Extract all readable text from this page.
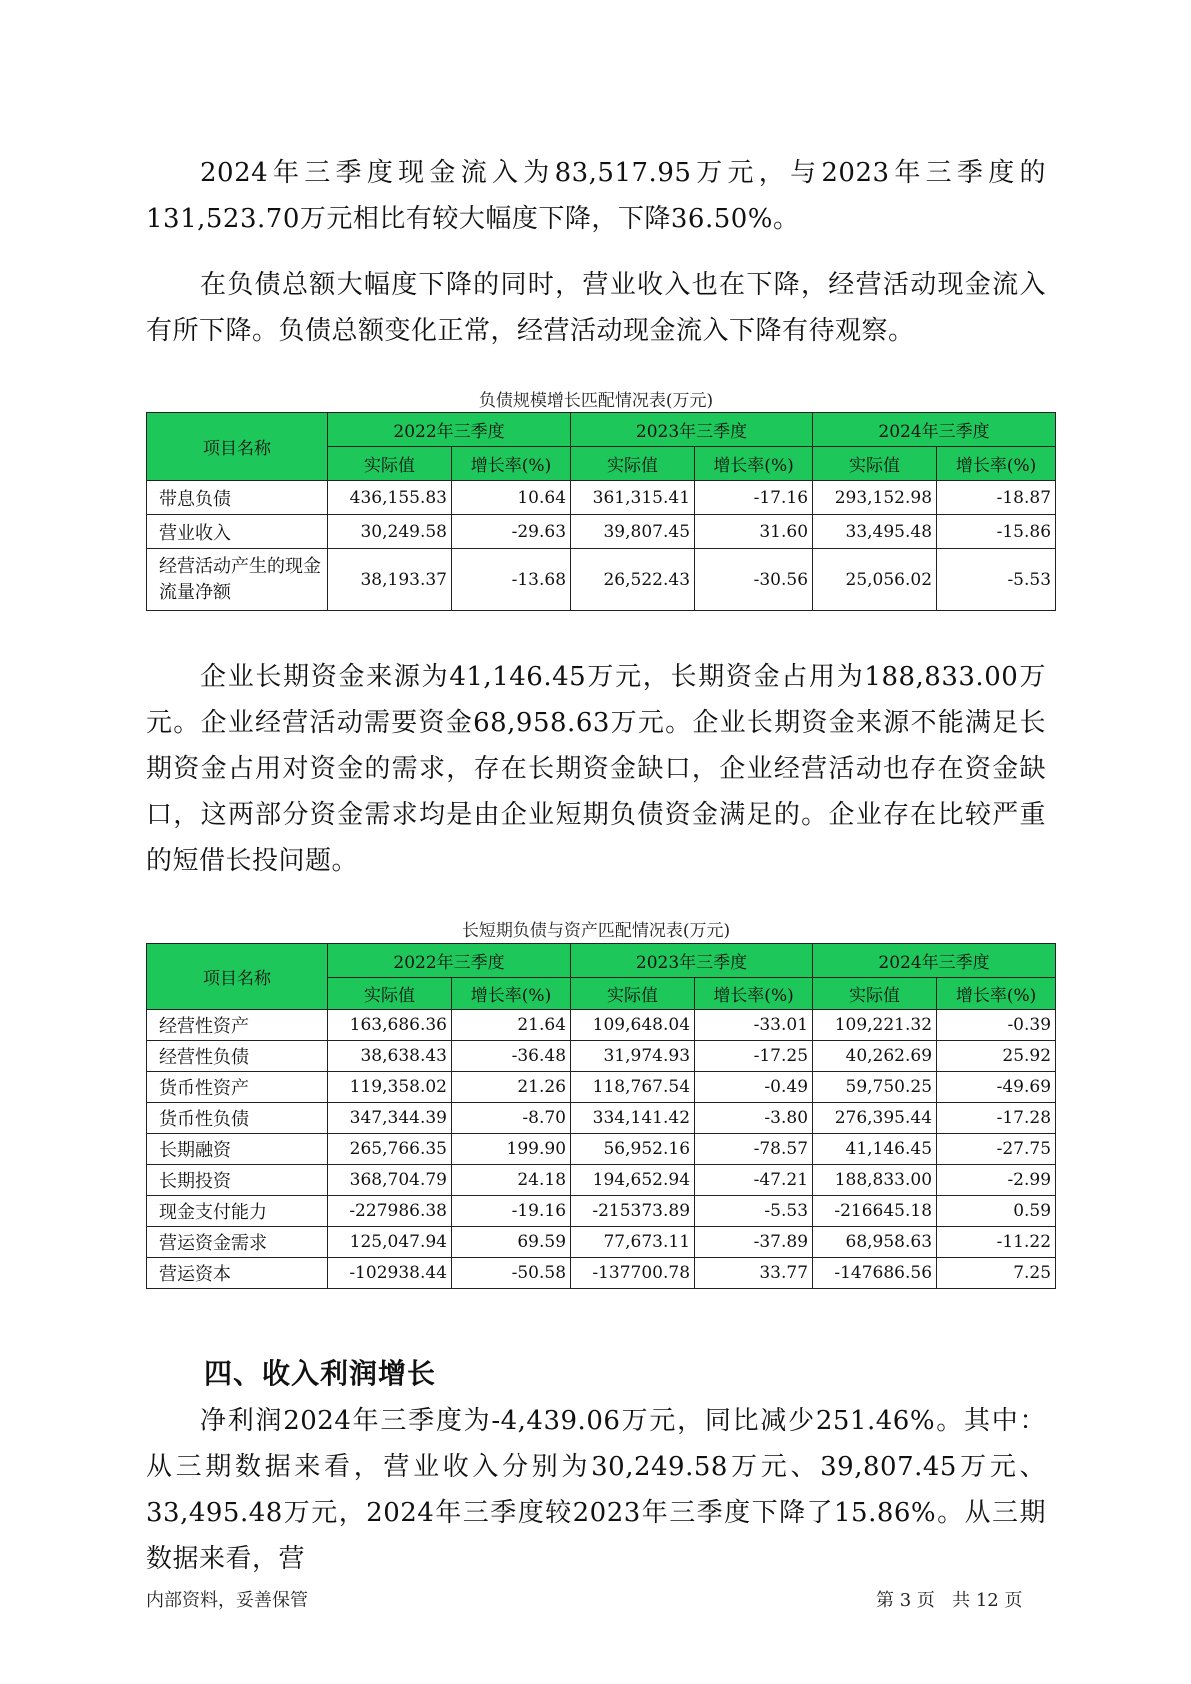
2024年三季度现金流入为83,517.95万元，与2023年三季度的131,523.70万元相比有较大幅度下降，下降36.50%。

在负债总额大幅度下降的同时，营业收入也在下降，经营活动现金流入有所下降。负债总额变化正常，经营活动现金流入下降有待观察。

负债规模增长匹配情况表(万元)
项目名称	2022年三季度		2023年三季度		2024年三季度	
	实际值	增长率(%)	实际值	增长率(%)	实际值	增长率(%)
带息负债	436,155.83	10.64	361,315.41	-17.16	293,152.98	-18.87
营业收入	30,249.58	-29.63	39,807.45	31.60	33,495.48	-15.86
经营活动产生的现金流量净额	38,193.37	-13.68	26,522.43	-30.56	25,056.02	-5.53

企业长期资金来源为41,146.45万元，长期资金占用为188,833.00万元。企业经营活动需要资金68,958.63万元。企业长期资金来源不能满足长期资金占用对资金的需求，存在长期资金缺口，企业经营活动也存在资金缺口，这两部分资金需求均是由企业短期负债资金满足的。企业存在比较严重的短借长投问题。

长短期负债与资产匹配情况表(万元)
项目名称	2022年三季度		2023年三季度		2024年三季度	
	实际值	增长率(%)	实际值	增长率(%)	实际值	增长率(%)
经营性资产	163,686.36	21.64	109,648.04	-33.01	109,221.32	-0.39
经营性负债	38,638.43	-36.48	31,974.93	-17.25	40,262.69	25.92
货币性资产	119,358.02	21.26	118,767.54	-0.49	59,750.25	-49.69
货币性负债	347,344.39	-8.70	334,141.42	-3.80	276,395.44	-17.28
长期融资	265,766.35	199.90	56,952.16	-78.57	41,146.45	-27.75
长期投资	368,704.79	24.18	194,652.94	-47.21	188,833.00	-2.99
现金支付能力	-227986.38	-19.16	-215373.89	-5.53	-216645.18	0.59
营运资金需求	125,047.94	69.59	77,673.11	-37.89	68,958.63	-11.22
营运资本	-102938.44	-50.58	-137700.78	33.77	-147686.56	7.25
四、收入利润增长

净利润2024年三季度为-4,439.06万元，同比减少251.46%。其中：从三期数据来看，营业收入分别为30,249.58万元、39,807.45万元、33,495.48万元，2024年三季度较2023年三季度下降了15.86%。从三期数据来看，营

内部资料，妥善保管	第 3 页 共 12 页
